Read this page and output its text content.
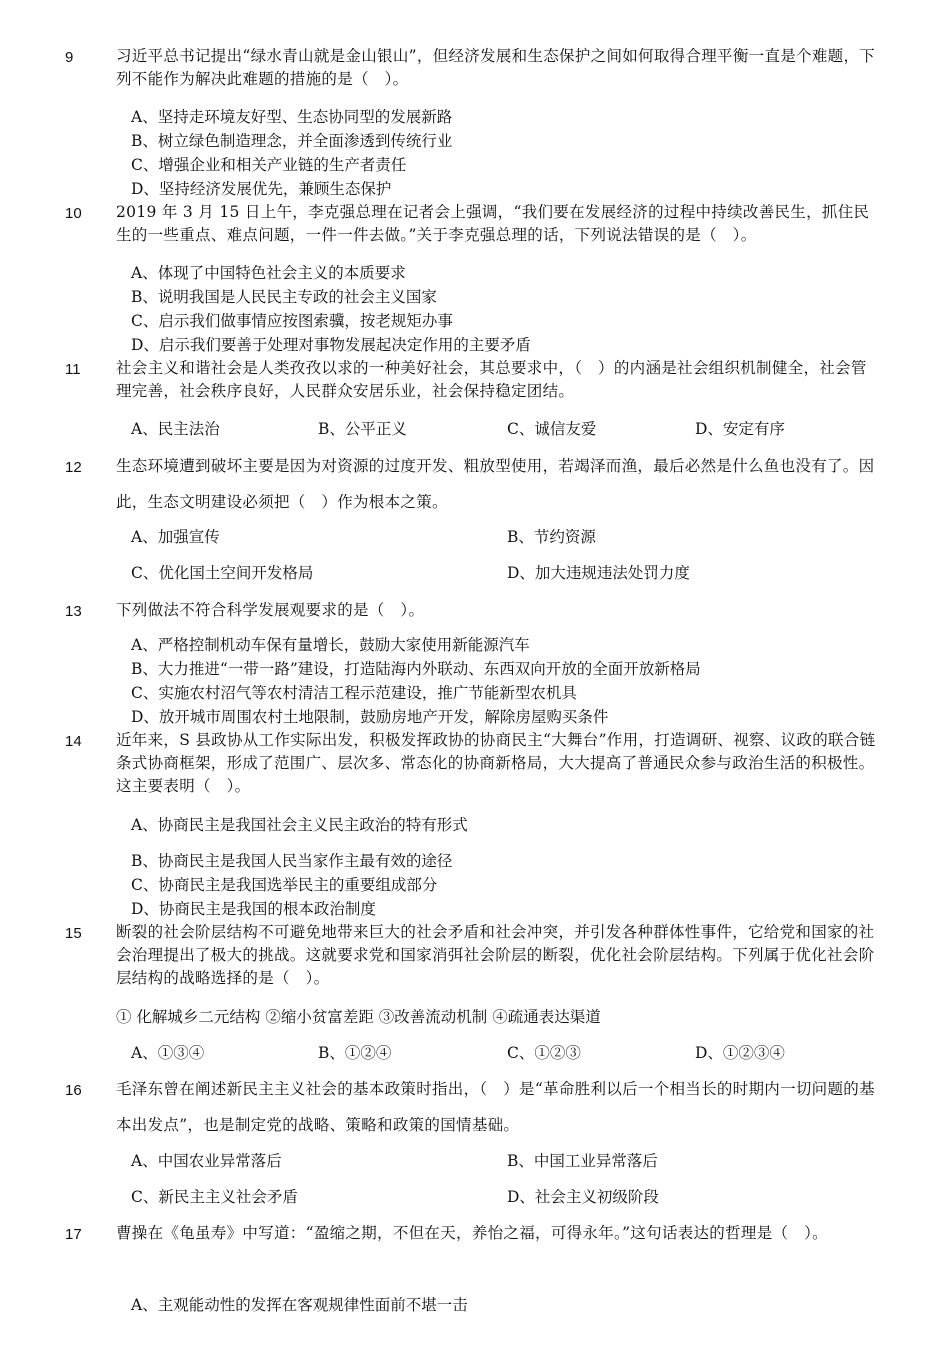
9	习近平总书记提出“绿水青山就是金山银山”，但经济发展和生态保护之间如何取得合理平衡一直是个难题，下列不能作为解决此难题的措施的是（　）。
A、坚持走环境友好型、生态协同型的发展新路
B、树立绿色制造理念，并全面渗透到传统行业
C、增强企业和相关产业链的生产者责任
D、坚持经济发展优先，兼顾生态保护
10	2019 年 3 月 15 日上午，李克强总理在记者会上强调，“我们要在发展经济的过程中持续改善民生，抓住民生的一些重点、难点问题，一件一件去做。”关于李克强总理的话，下列说法错误的是（　）。
A、体现了中国特色社会主义的本质要求
B、说明我国是人民民主专政的社会主义国家
C、启示我们做事情应按图索骥，按老规矩办事
D、启示我们要善于处理对事物发展起决定作用的主要矛盾
11	社会主义和谐社会是人类孜孜以求的一种美好社会，其总要求中，（　）的内涵是社会组织机制健全，社会管理完善，社会秩序良好，人民群众安居乐业，社会保持稳定团结。
A、民主法治	B、公平正义	C、诚信友爱	D、安定有序
12	生态环境遭到破坏主要是因为对资源的过度开发、粗放型使用，若竭泽而渔，最后必然是什么鱼也没有了。因此，生态文明建设必须把（　）作为根本之策。
A、加强宣传	B、节约资源
C、优化国土空间开发格局	D、加大违规违法处罚力度
13	下列做法不符合科学发展观要求的是（　）。
A、严格控制机动车保有量增长，鼓励大家使用新能源汽车
B、大力推进“一带一路”建设，打造陆海内外联动、东西双向开放的全面开放新格局
C、实施农村沼气等农村清洁工程示范建设，推广节能新型农机具
D、放开城市周围农村土地限制，鼓励房地产开发，解除房屋购买条件
14	近年来，S 县政协从工作实际出发，积极发挥政协的协商民主“大舞台”作用，打造调研、视察、议政的联合链条式协商框架，形成了范围广、层次多、常态化的协商新格局，大大提高了普通民众参与政治生活的积极性。这主要表明（　）。
A、协商民主是我国社会主义民主政治的特有形式
B、协商民主是我国人民当家作主最有效的途径
C、协商民主是我国选举民主的重要组成部分
D、协商民主是我国的根本政治制度
15	断裂的社会阶层结构不可避免地带来巨大的社会矛盾和社会冲突，并引发各种群体性事件，它给党和国家的社会治理提出了极大的挑战。这就要求党和国家消弭社会阶层的断裂，优化社会阶层结构。下列属于优化社会阶层结构的战略选择的是（　）。
① 化解城乡二元结构 ②缩小贫富差距 ③改善流动机制 ④疏通表达渠道
A、①③④	B、①②④	C、①②③	D、①②③④
16	毛泽东曾在阐述新民主主义社会的基本政策时指出，（　）是“革命胜利以后一个相当长的时期内一切问题的基本出发点”，也是制定党的战略、策略和政策的国情基础。
A、中国农业异常落后	B、中国工业异常落后
C、新民主主义社会矛盾	D、社会主义初级阶段
17	曹操在《龟虽寿》中写道：“盈缩之期，不但在天，养怡之福，可得永年。”这句话表达的哲理是（　）。
A、主观能动性的发挥在客观规律性面前不堪一击
